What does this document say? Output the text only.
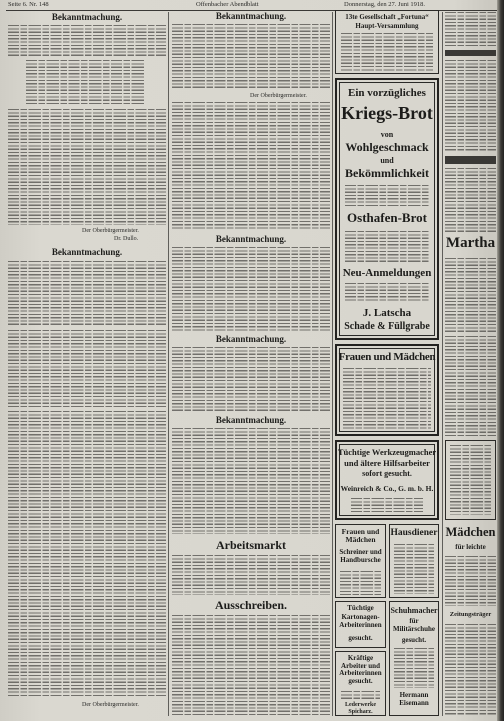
Seite 6. Nr. 148	Offenbacher Abendblatt	Donnerstag, den 27. Juni 1918.
Bekanntmachung.
Der Oberbürgermeister.
Dr. Dullo.
Bekanntmachung.
Der Oberbürgermeister.
Bekanntmachung.
Der Oberbürgermeister.
Bekanntmachung.
Bekanntmachung.
Bekanntmachung.
Arbeitsmarkt
Ausschreiben.
13te Gesellschaft „Fortuna“
Haupt-Versammlung
Ein vorzügliches
Kriegs-Brot
von
Wohlgeschmack
und
Bekömmlichkeit
Osthafen-Brot
Neu-Anmeldungen
J. Latscha
Schade & Füllgrabe
Frauen und Mädchen
Tüchtige Werkzeugmacher
und ältere Hilfsarbeiter
sofort gesucht.
Weinreich & Co., G. m. b. H.
Frauen und Mädchen
Schreiner und Handbursche
Tüchtige
Kartonagen-Arbeiterinnen
gesucht.
Kräftige Arbeiter und Arbeiterinnen gesucht.
Lederwerke Spicharz.
Hausdiener
Schuhmacher
für Militärschuhe
gesucht.
Hermann Eisemann
Martha
Mädchen
für leichte
Zeitungsträger
